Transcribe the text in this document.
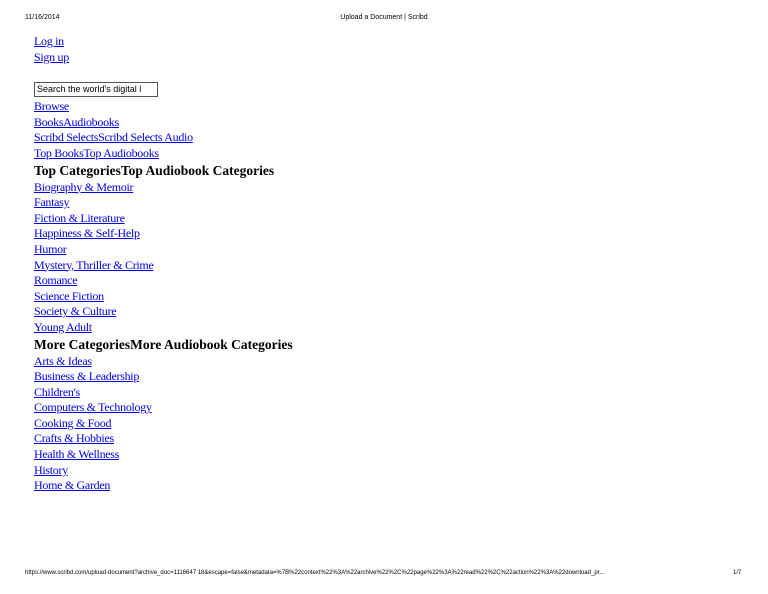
11/16/2014	Upload a Document | Scribd
Log in
Sign up
Search the world's digital l
Browse
BooksAudiobooks
Scribd SelectsScribd Selects Audio
Top BooksTop Audiobooks
Top CategoriesTop Audiobook Categories
Biography & Memoir
Fantasy
Fiction & Literature
Happiness & Self-Help
Humor
Mystery, Thriller & Crime
Romance
Science Fiction
Society & Culture
Young Adult
More CategoriesMore Audiobook Categories
Arts & Ideas
Business & Leadership
Children's
Computers & Technology
Cooking & Food
Crafts & Hobbies
Health & Wellness
History
Home & Garden
https://www.scribd.com/upload-document?archive_doc=1116647 18&escape=false&metadata=%7B%22context%22%3A%22archive%22%2C%22page%22%3A%22read%22%2C%22action%22%3A%22download_pr...	1/7
